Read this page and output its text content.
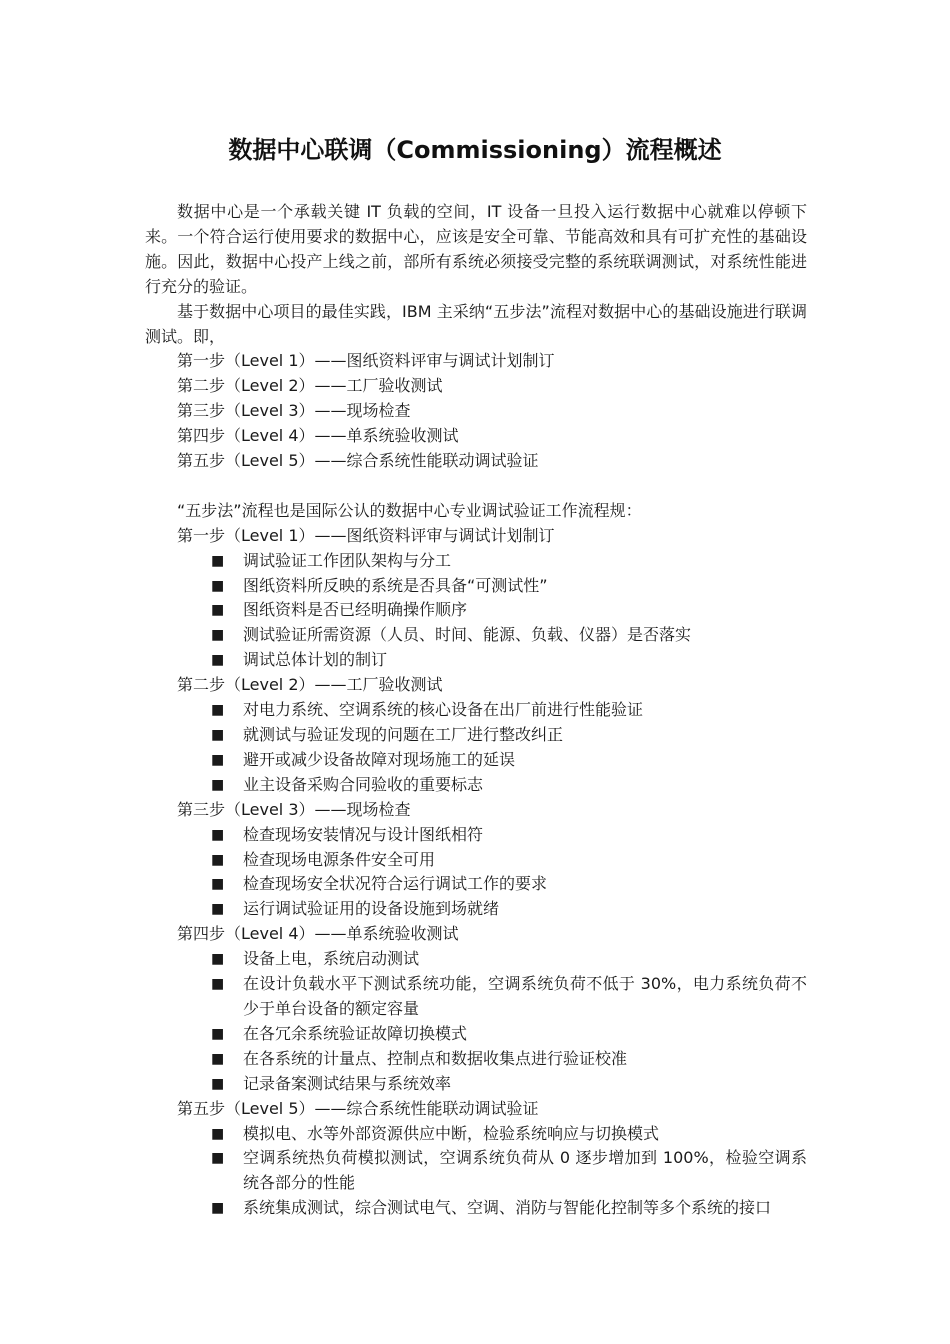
数据中心联调（Commissioning）流程概述

数据中心是一个承载关键 IT 负载的空间，IT 设备一旦投入运行数据中心就难以停顿下来。一个符合运行使用要求的数据中心，应该是安全可靠、节能高效和具有可扩充性的基础设施。因此，数据中心投产上线之前，部所有系统必须接受完整的系统联调测试，对系统性能进行充分的验证。

基于数据中心项目的最佳实践，IBM 主采纳“五步法”流程对数据中心的基础设施进行联调测试。即，

第一步（Level 1）——图纸资料评审与调试计划制订

第二步（Level 2）——工厂验收测试

第三步（Level 3）——现场检查

第四步（Level 4）——单系统验收测试

第五步（Level 5）——综合系统性能联动调试验证

“五步法”流程也是国际公认的数据中心专业调试验证工作流程规：

第一步（Level 1）——图纸资料评审与调试计划制订

■ 调试验证工作团队架构与分工

■ 图纸资料所反映的系统是否具备“可测试性”

■ 图纸资料是否已经明确操作顺序

■ 测试验证所需资源（人员、时间、能源、负载、仪器）是否落实

■ 调试总体计划的制订

第二步（Level 2）——工厂验收测试

■ 对电力系统、空调系统的核心设备在出厂前进行性能验证

■ 就测试与验证发现的问题在工厂进行整改纠正

■ 避开或减少设备故障对现场施工的延误

■ 业主设备采购合同验收的重要标志

第三步（Level 3）——现场检查

■ 检查现场安装情况与设计图纸相符

■ 检查现场电源条件安全可用

■ 检查现场安全状况符合运行调试工作的要求

■ 运行调试验证用的设备设施到场就绪

第四步（Level 4）——单系统验收测试

■ 设备上电，系统启动测试

■ 在设计负载水平下测试系统功能，空调系统负荷不低于 30%，电力系统负荷不少于单台设备的额定容量

■ 在各冗余系统验证故障切换模式

■ 在各系统的计量点、控制点和数据收集点进行验证校准

■ 记录备案测试结果与系统效率

第五步（Level 5）——综合系统性能联动调试验证

■ 模拟电、水等外部资源供应中断，检验系统响应与切换模式

■ 空调系统热负荷模拟测试，空调系统负荷从 0 逐步增加到 100%，检验空调系统各部分的性能

■ 系统集成测试，综合测试电气、空调、消防与智能化控制等多个系统的接口
